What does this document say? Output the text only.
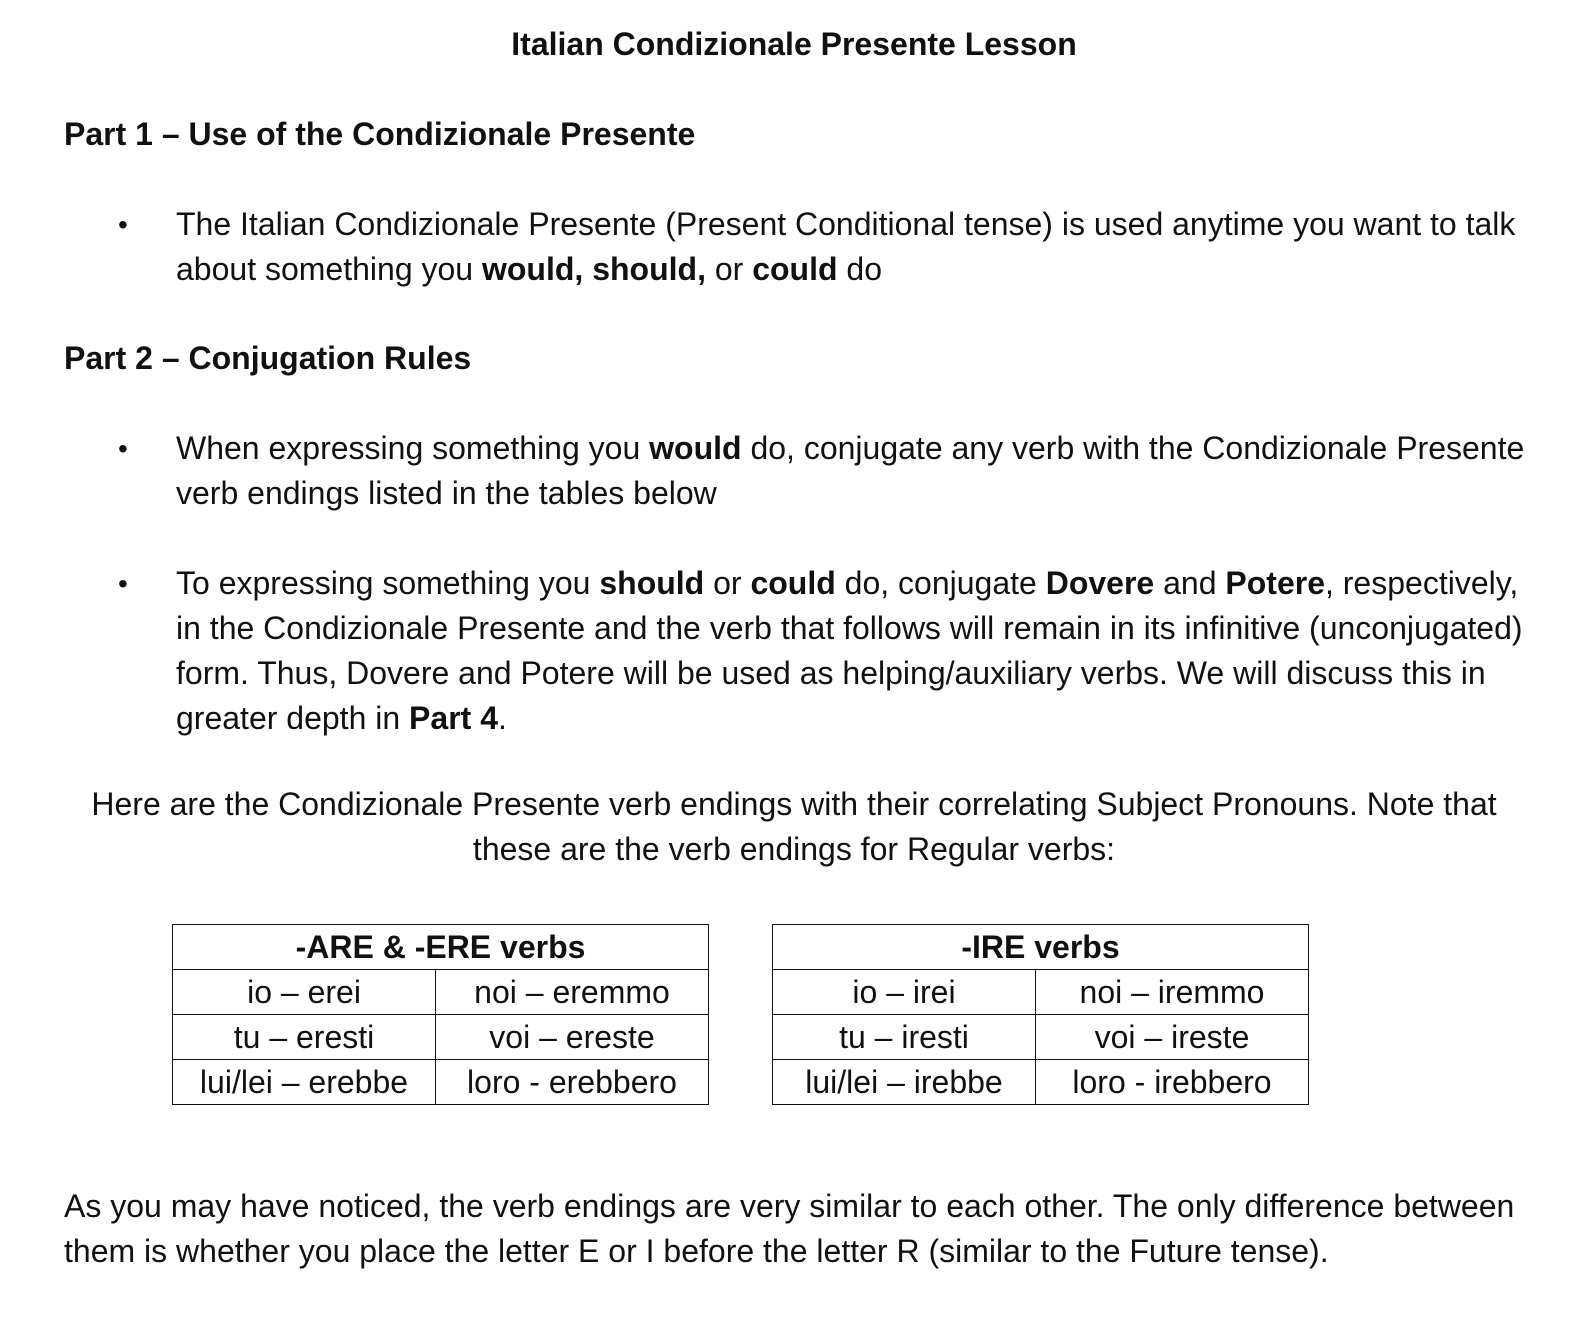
Italian Condizionale Presente Lesson
Part 1 – Use of the Condizionale Presente
• The Italian Condizionale Presente (Present Conditional tense) is used anytime you want to talk about something you would, should, or could do
Part 2 – Conjugation Rules
• When expressing something you would do, conjugate any verb with the Condizionale Presente verb endings listed in the tables below
• To expressing something you should or could do, conjugate Dovere and Potere, respectively, in the Condizionale Presente and the verb that follows will remain in its infinitive (unconjugated) form. Thus, Dovere and Potere will be used as helping/auxiliary verbs. We will discuss this in greater depth in Part 4.
Here are the Condizionale Presente verb endings with their correlating Subject Pronouns. Note that these are the verb endings for Regular verbs:
-ARE & -ERE verbs	
io – erei	noi – eremmo
tu – eresti	voi – ereste
lui/lei – erebbe	loro - erebbero
-IRE verbs	
io – irei	noi – iremmo
tu – iresti	voi – ireste
lui/lei – irebbe	loro - irebbero
As you may have noticed, the verb endings are very similar to each other. The only difference between them is whether you place the letter E or I before the letter R (similar to the Future tense).
